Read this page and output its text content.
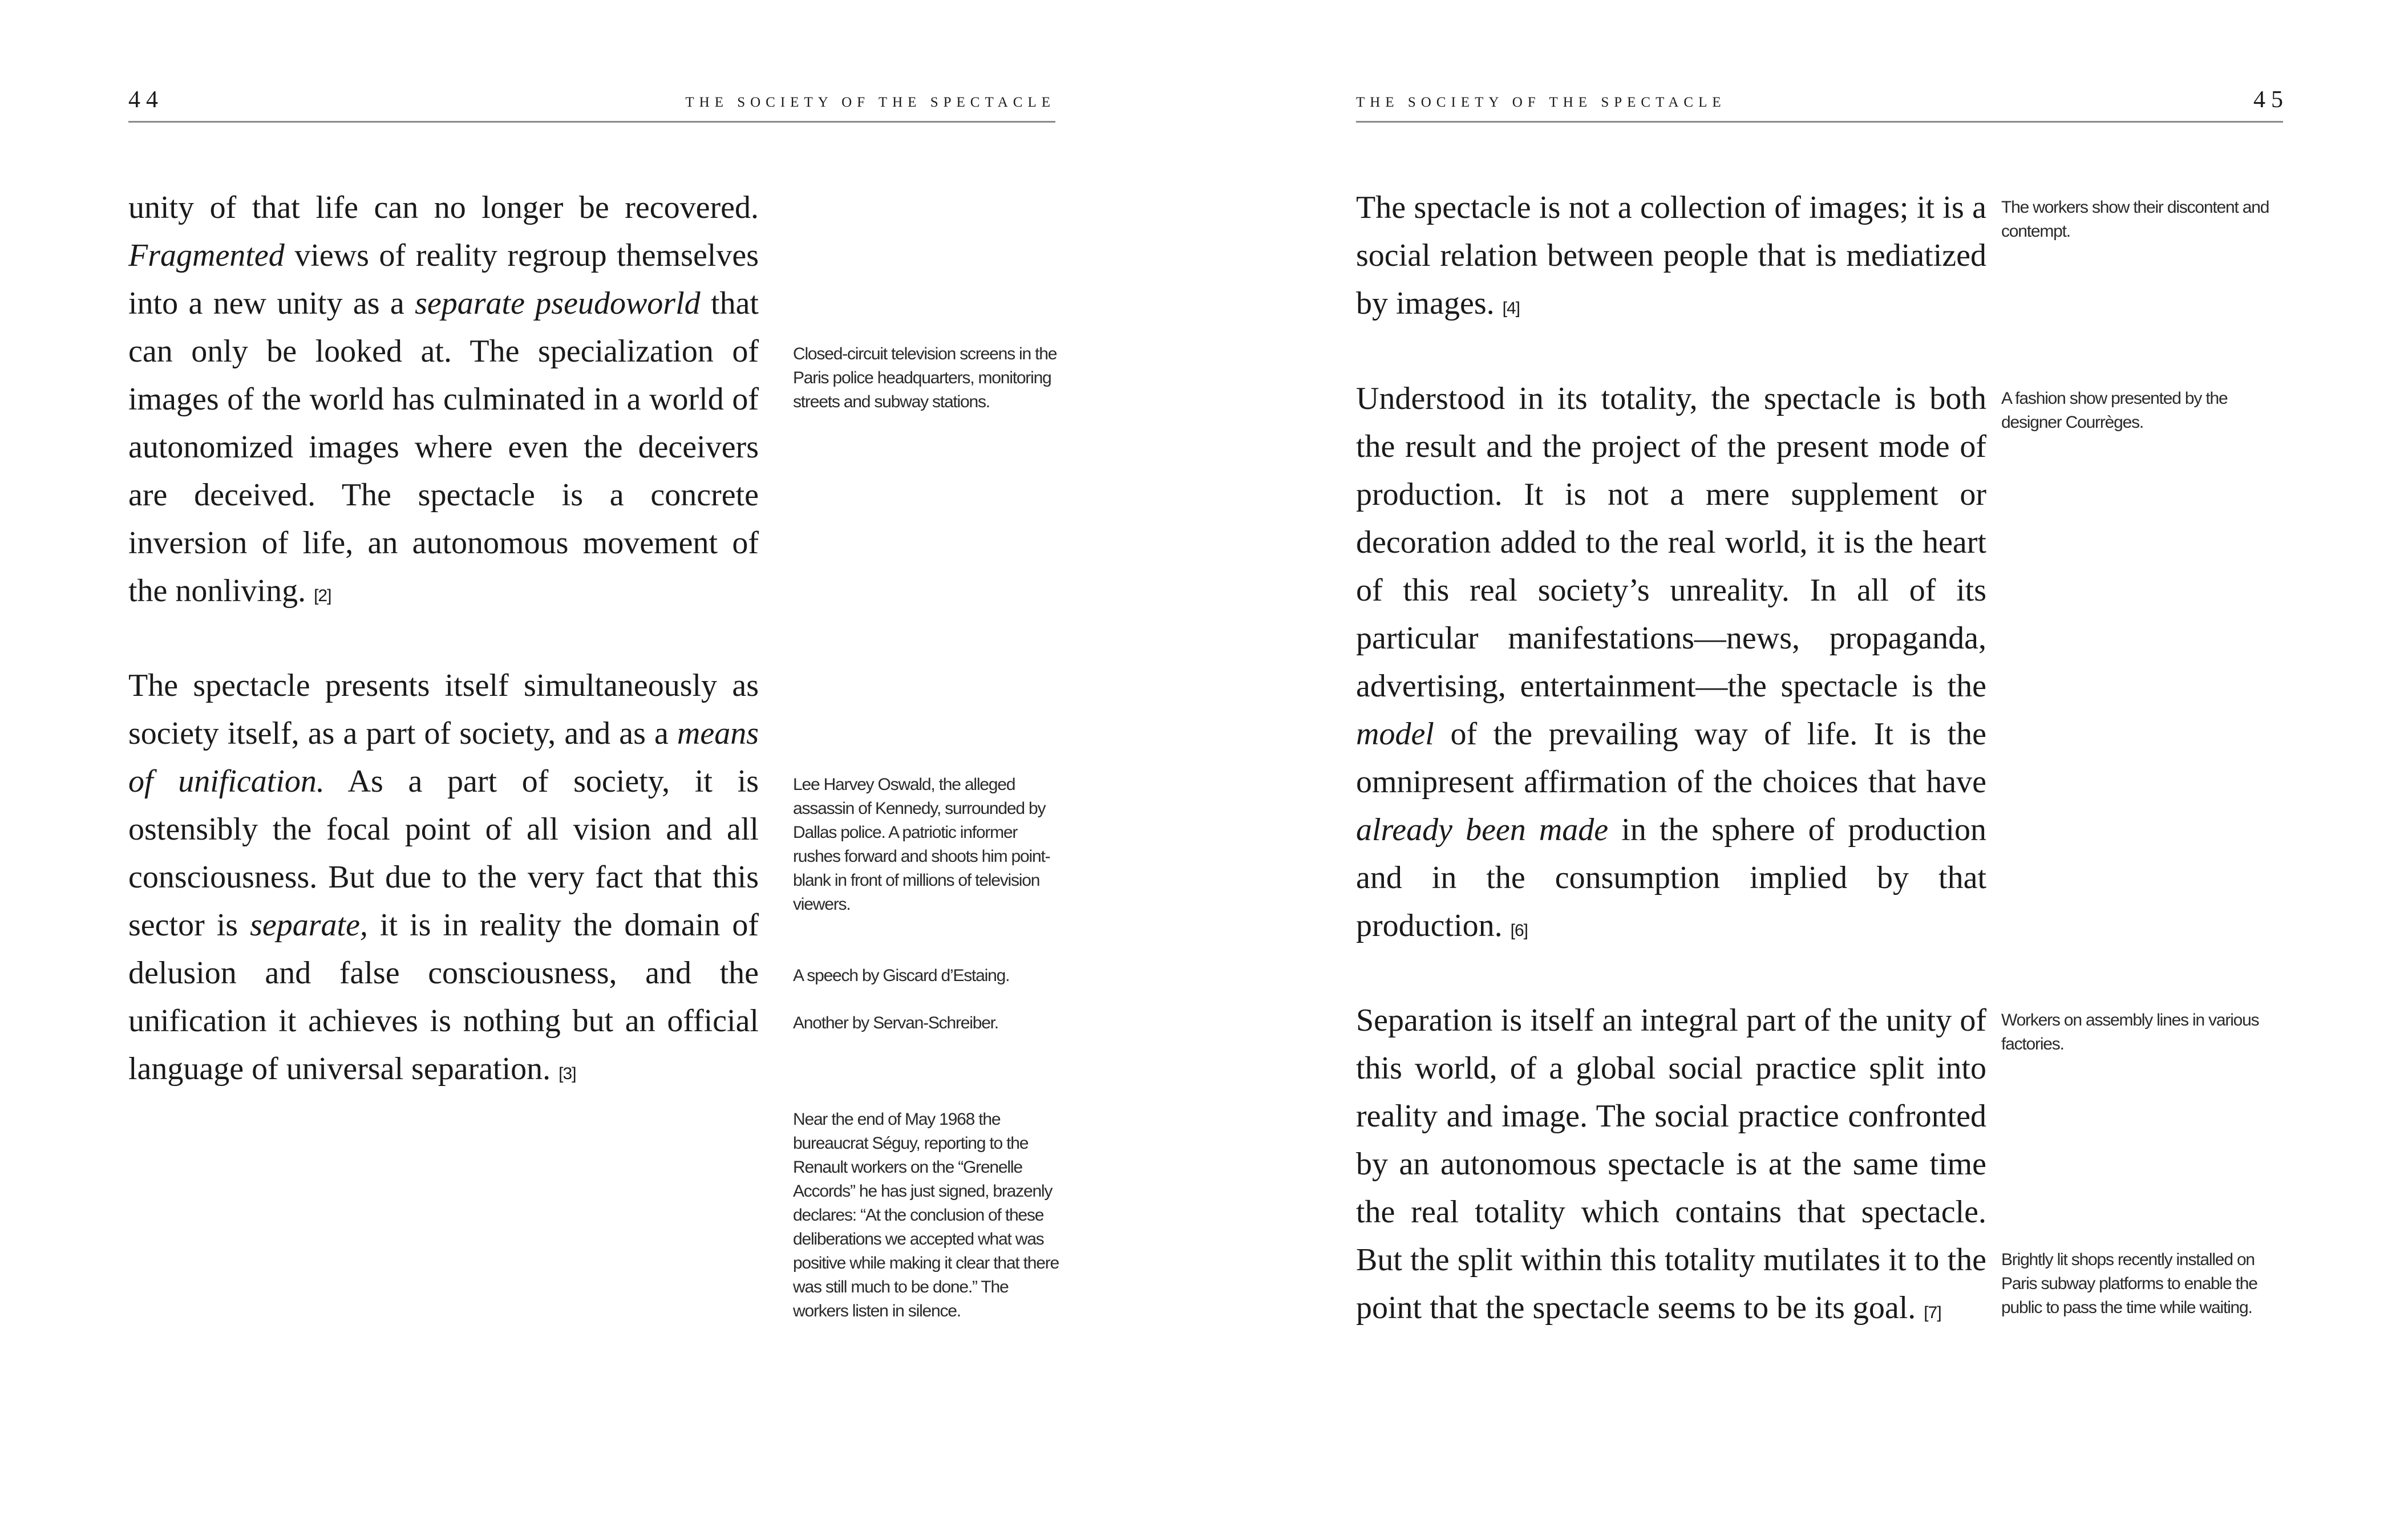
44	THE SOCIETY OF THE SPECTACLE	THE SOCIETY OF THE SPECTACLE	45

unity of that life can no longer be recovered. Fragmented views of reality regroup themselves into a new unity as a separate pseudoworld that can only be looked at. The specialization of images of the world has culminated in a world of autonomized images where even the deceivers are deceived. The spectacle is a concrete inversion of life, an autonomous movement of the nonliving. [2]

The spectacle presents itself simultaneously as society itself, as a part of society, and as a means of unification. As a part of society, it is ostensibly the focal point of all vision and all consciousness. But due to the very fact that this sector is separate, it is in reality the domain of delusion and false consciousness, and the unification it achieves is nothing but an official language of universal separation. [3]

Closed-circuit television screens in the Paris police headquarters, monitoring streets and subway stations.
Lee Harvey Oswald, the alleged assassin of Kennedy, surrounded by Dallas police. A patriotic informer rushes forward and shoots him point-blank in front of millions of television viewers.
A speech by Giscard d’Estaing.
Another by Servan-Schreiber.
Near the end of May 1968 the bureaucrat Séguy, reporting to the Renault workers on the “Grenelle Accords” he has just signed, brazenly declares: “At the conclusion of these deliberations we accepted what was positive while making it clear that there was still much to be done.” The workers listen in silence.

The spectacle is not a collection of images; it is a social relation between people that is mediatized by images. [4]

Understood in its totality, the spectacle is both the result and the project of the present mode of production. It is not a mere supplement or decoration added to the real world, it is the heart of this real society’s unreality. In all of its particular manifestations—news, propaganda, advertising, entertainment—the spectacle is the model of the prevailing way of life. It is the omnipresent affirmation of the choices that have already been made in the sphere of production and in the consumption implied by that production. [6]

Separation is itself an integral part of the unity of this world, of a global social practice split into reality and image. The social practice confronted by an autonomous spectacle is at the same time the real totality which contains that spectacle. But the split within this totality mutilates it to the point that the spectacle seems to be its goal. [7]

The workers show their discontent and contempt.
A fashion show presented by the designer Courrèges.
Workers on assembly lines in various factories.
Brightly lit shops recently installed on Paris subway platforms to enable the public to pass the time while waiting.
